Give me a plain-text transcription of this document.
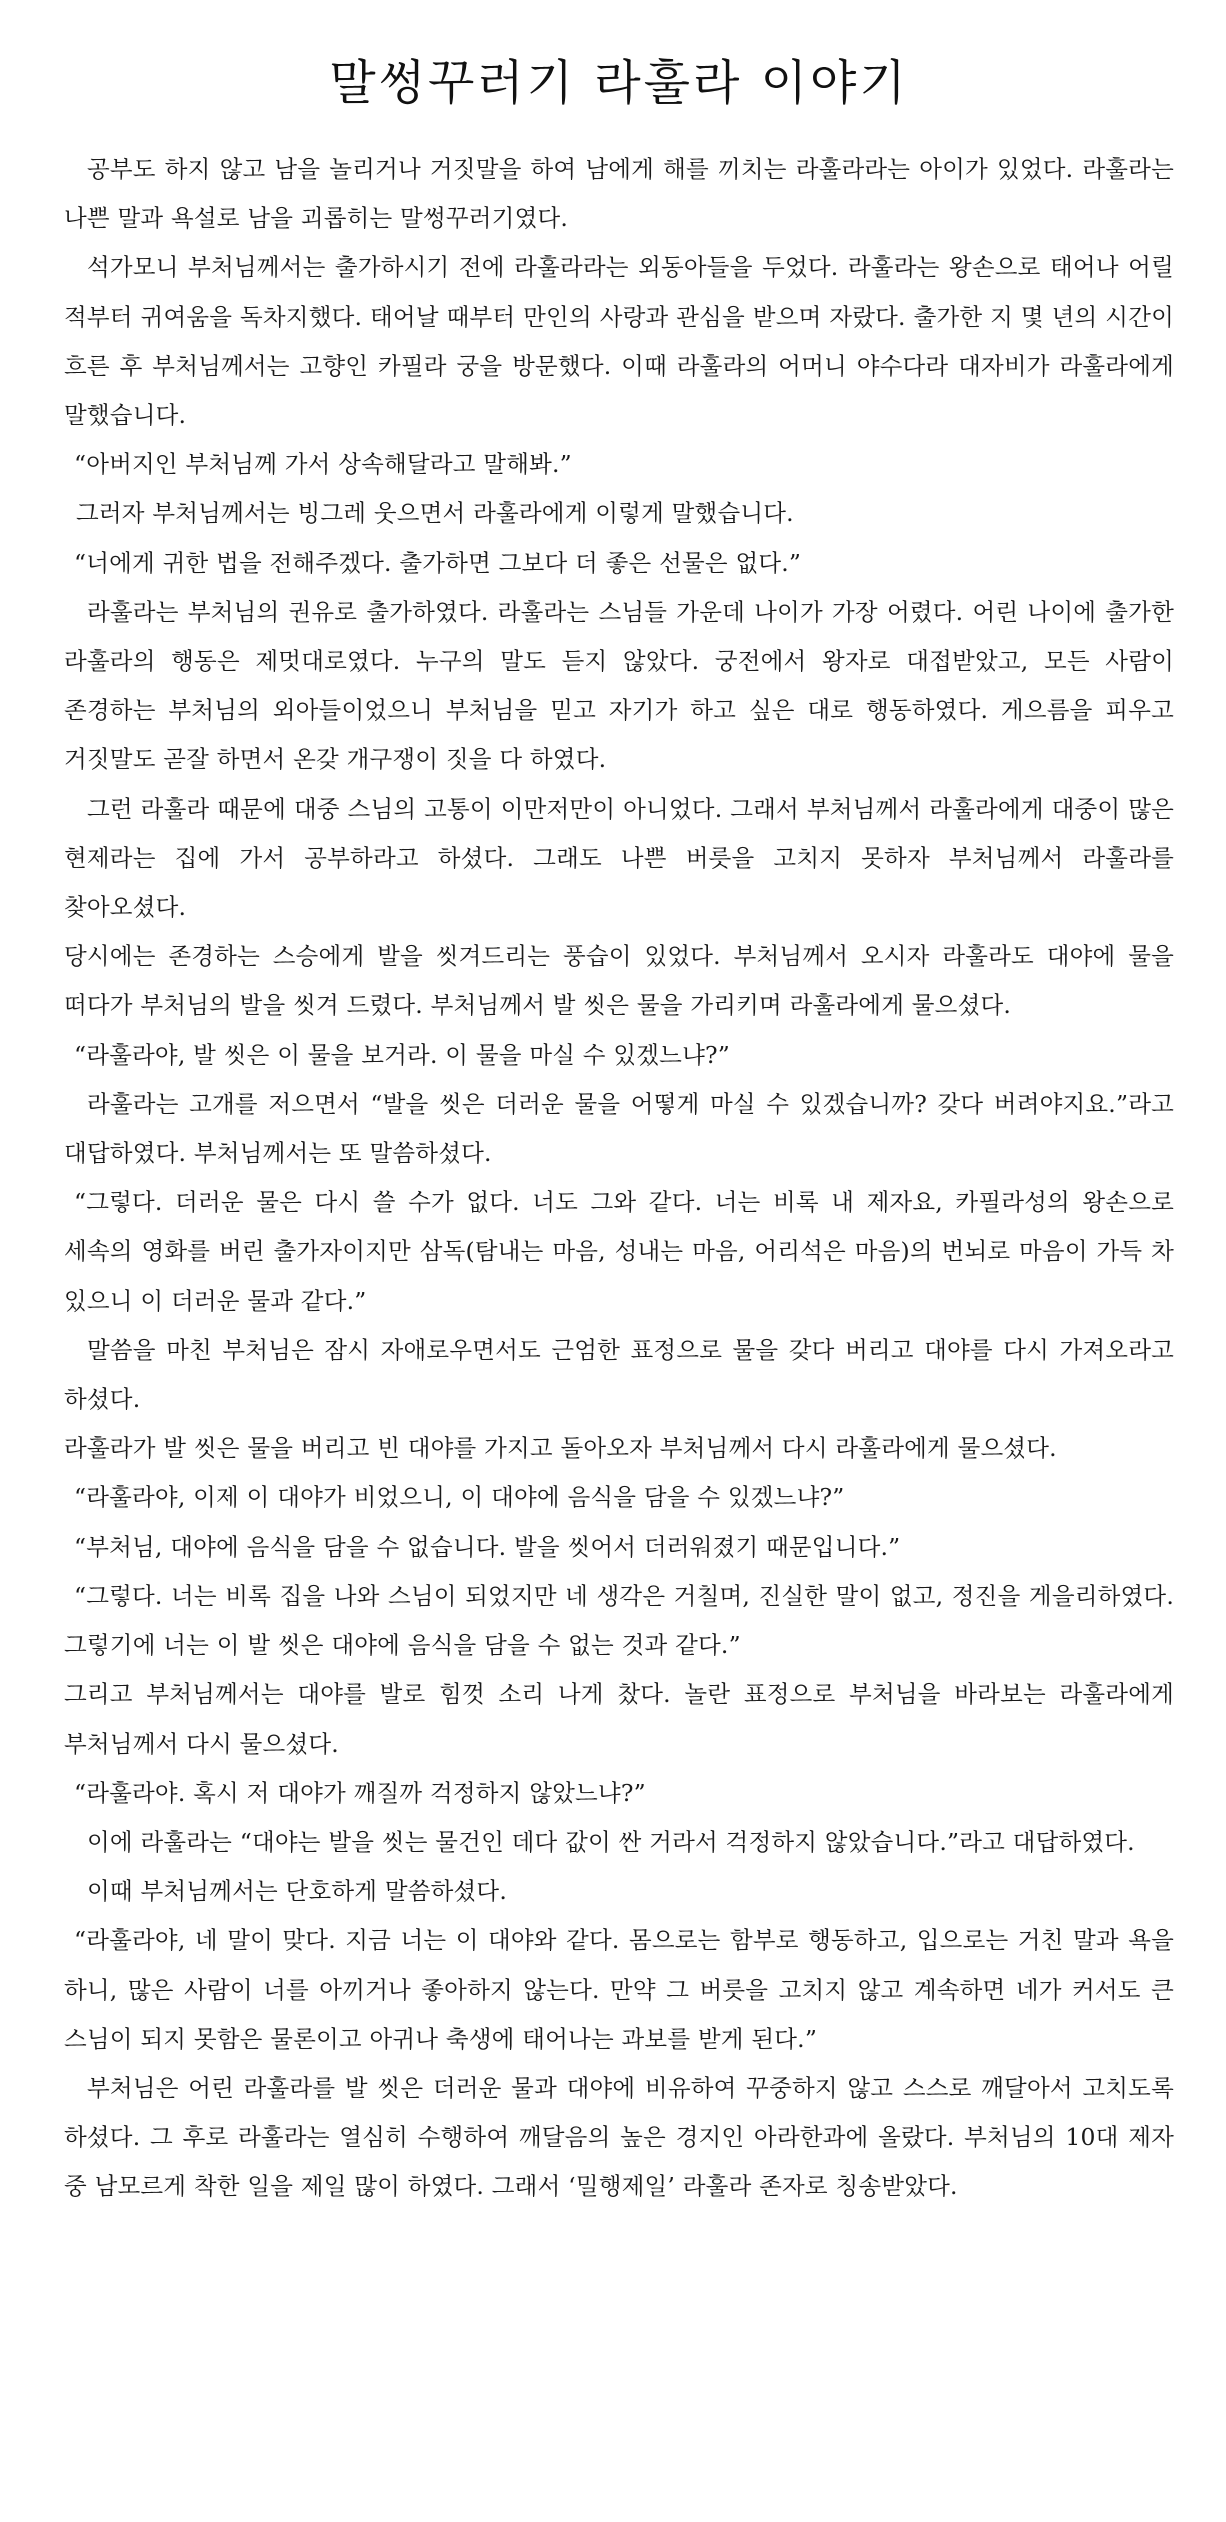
말썽꾸러기 라훌라 이야기

공부도 하지 않고 남을 놀리거나 거짓말을 하여 남에게 해를 끼치는 라훌라라는 아이가 있었다. 라훌라는 나쁜 말과 욕설로 남을 괴롭히는 말썽꾸러기였다.

석가모니 부처님께서는 출가하시기 전에 라훌라라는 외동아들을 두었다. 라훌라는 왕손으로 태어나 어릴 적부터 귀여움을 독차지했다. 태어날 때부터 만인의 사랑과 관심을 받으며 자랐다. 출가한 지 몇 년의 시간이 흐른 후 부처님께서는 고향인 카필라 궁을 방문했다. 이때 라훌라의 어머니 야수다라 대자비가 라훌라에게 말했습니다.

“아버지인 부처님께 가서 상속해달라고 말해봐.”

그러자 부처님께서는 빙그레 웃으면서 라훌라에게 이렇게 말했습니다.

“너에게 귀한 법을 전해주겠다. 출가하면 그보다 더 좋은 선물은 없다.”

라훌라는 부처님의 권유로 출가하였다. 라훌라는 스님들 가운데 나이가 가장 어렸다. 어린 나이에 출가한 라훌라의 행동은 제멋대로였다. 누구의 말도 듣지 않았다. 궁전에서 왕자로 대접받았고, 모든 사람이 존경하는 부처님의 외아들이었으니 부처님을 믿고 자기가 하고 싶은 대로 행동하였다. 게으름을 피우고 거짓말도 곧잘 하면서 온갖 개구쟁이 짓을 다 하였다.

그런 라훌라 때문에 대중 스님의 고통이 이만저만이 아니었다. 그래서 부처님께서 라훌라에게 대중이 많은 현제라는 집에 가서 공부하라고 하셨다. 그래도 나쁜 버릇을 고치지 못하자 부처님께서 라훌라를 찾아오셨다.

당시에는 존경하는 스승에게 발을 씻겨드리는 풍습이 있었다. 부처님께서 오시자 라훌라도 대야에 물을 떠다가 부처님의 발을 씻겨 드렸다. 부처님께서 발 씻은 물을 가리키며 라훌라에게 물으셨다.

“라훌라야, 발 씻은 이 물을 보거라. 이 물을 마실 수 있겠느냐?”

라훌라는 고개를 저으면서 “발을 씻은 더러운 물을 어떻게 마실 수 있겠습니까? 갖다 버려야지요.”라고 대답하였다. 부처님께서는 또 말씀하셨다.

“그렇다. 더러운 물은 다시 쓸 수가 없다. 너도 그와 같다. 너는 비록 내 제자요, 카필라성의 왕손으로 세속의 영화를 버린 출가자이지만 삼독(탐내는 마음, 성내는 마음, 어리석은 마음)의 번뇌로 마음이 가득 차 있으니 이 더러운 물과 같다.”

말씀을 마친 부처님은 잠시 자애로우면서도 근엄한 표정으로 물을 갖다 버리고 대야를 다시 가져오라고 하셨다.

라훌라가 발 씻은 물을 버리고 빈 대야를 가지고 돌아오자 부처님께서 다시 라훌라에게 물으셨다.

“라훌라야, 이제 이 대야가 비었으니, 이 대야에 음식을 담을 수 있겠느냐?”

“부처님, 대야에 음식을 담을 수 없습니다. 발을 씻어서 더러워졌기 때문입니다.”

“그렇다. 너는 비록 집을 나와 스님이 되었지만 네 생각은 거칠며, 진실한 말이 없고, 정진을 게을리하였다. 그렇기에 너는 이 발 씻은 대야에 음식을 담을 수 없는 것과 같다.”

그리고 부처님께서는 대야를 발로 힘껏 소리 나게 찼다. 놀란 표정으로 부처님을 바라보는 라훌라에게 부처님께서 다시 물으셨다.

“라훌라야. 혹시 저 대야가 깨질까 걱정하지 않았느냐?”

이에 라훌라는 “대야는 발을 씻는 물건인 데다 값이 싼 거라서 걱정하지 않았습니다.”라고 대답하였다.

이때 부처님께서는 단호하게 말씀하셨다.

“라훌라야, 네 말이 맞다. 지금 너는 이 대야와 같다. 몸으로는 함부로 행동하고, 입으로는 거친 말과 욕을 하니, 많은 사람이 너를 아끼거나 좋아하지 않는다. 만약 그 버릇을 고치지 않고 계속하면 네가 커서도 큰 스님이 되지 못함은 물론이고 아귀나 축생에 태어나는 과보를 받게 된다.”

부처님은 어린 라훌라를 발 씻은 더러운 물과 대야에 비유하여 꾸중하지 않고 스스로 깨달아서 고치도록 하셨다. 그 후로 라훌라는 열심히 수행하여 깨달음의 높은 경지인 아라한과에 올랐다. 부처님의 10대 제자 중 남모르게 착한 일을 제일 많이 하였다. 그래서 ‘밀행제일’ 라훌라 존자로 칭송받았다.
